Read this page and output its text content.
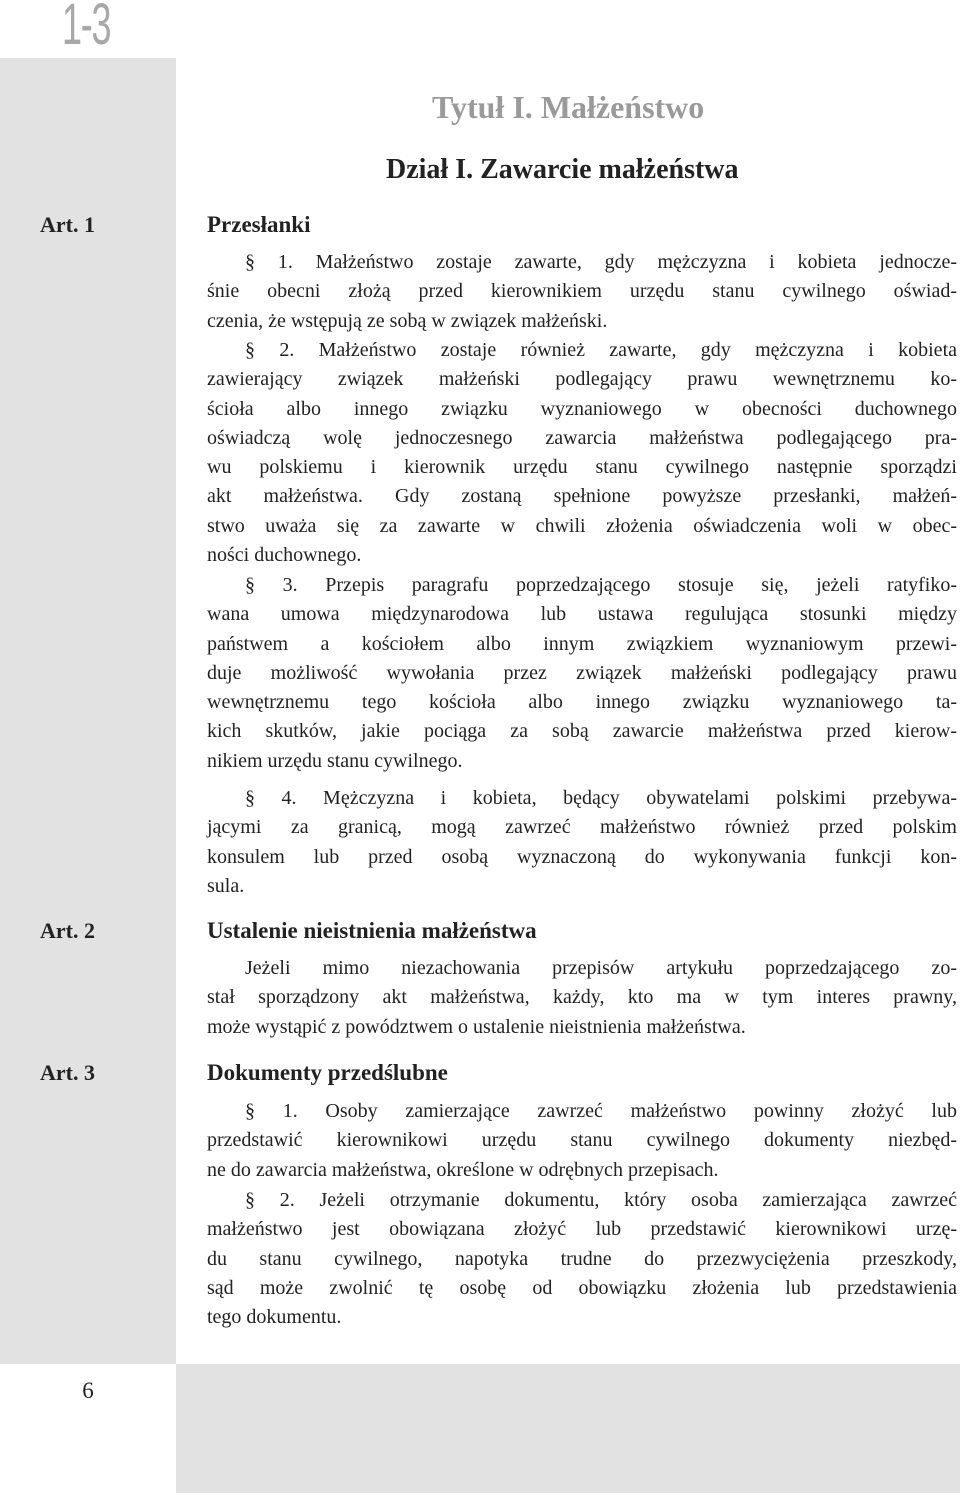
1-3
6
Tytuł I. Małżeństwo
Dział I. Zawarcie małżeństwa
Art. 1
Art. 2
Art. 3
Przesłanki
§ 1. Małżeństwo zostaje zawarte, gdy mężczyzna i kobieta jednocze-
śnie obecni złożą przed kierownikiem urzędu stanu cywilnego oświad-
czenia, że wstępują ze sobą w związek małżeński.
§ 2. Małżeństwo zostaje również zawarte, gdy mężczyzna i kobieta
zawierający związek małżeński podlegający prawu wewnętrznemu ko-
ścioła albo innego związku wyznaniowego w obecności duchownego
oświadczą wolę jednoczesnego zawarcia małżeństwa podlegającego pra-
wu polskiemu i kierownik urzędu stanu cywilnego następnie sporządzi
akt małżeństwa. Gdy zostaną spełnione powyższe przesłanki, małżeń-
stwo uważa się za zawarte w chwili złożenia oświadczenia woli w obec-
ności duchownego.
§ 3. Przepis paragrafu poprzedzającego stosuje się, jeżeli ratyfiko-
wana umowa międzynarodowa lub ustawa regulująca stosunki między
państwem a kościołem albo innym związkiem wyznaniowym przewi-
duje możliwość wywołania przez związek małżeński podlegający prawu
wewnętrznemu tego kościoła albo innego związku wyznaniowego ta-
kich skutków, jakie pociąga za sobą zawarcie małżeństwa przed kierow-
nikiem urzędu stanu cywilnego.
§ 4. Mężczyzna i kobieta, będący obywatelami polskimi przebywa-
jącymi za granicą, mogą zawrzeć małżeństwo również przed polskim
konsulem lub przed osobą wyznaczoną do wykonywania funkcji kon-
sula.
Ustalenie nieistnienia małżeństwa
Jeżeli mimo niezachowania przepisów artykułu poprzedzającego zo-
stał sporządzony akt małżeństwa, każdy, kto ma w tym interes prawny,
może wystąpić z powództwem o ustalenie nieistnienia małżeństwa.
Dokumenty przedślubne
§ 1. Osoby zamierzające zawrzeć małżeństwo powinny złożyć lub
przedstawić kierownikowi urzędu stanu cywilnego dokumenty niezbęd-
ne do zawarcia małżeństwa, określone w odrębnych przepisach.
§ 2. Jeżeli otrzymanie dokumentu, który osoba zamierzająca zawrzeć
małżeństwo jest obowiązana złożyć lub przedstawić kierownikowi urzę-
du stanu cywilnego, napotyka trudne do przezwyciężenia przeszkody,
sąd może zwolnić tę osobę od obowiązku złożenia lub przedstawienia
tego dokumentu.
